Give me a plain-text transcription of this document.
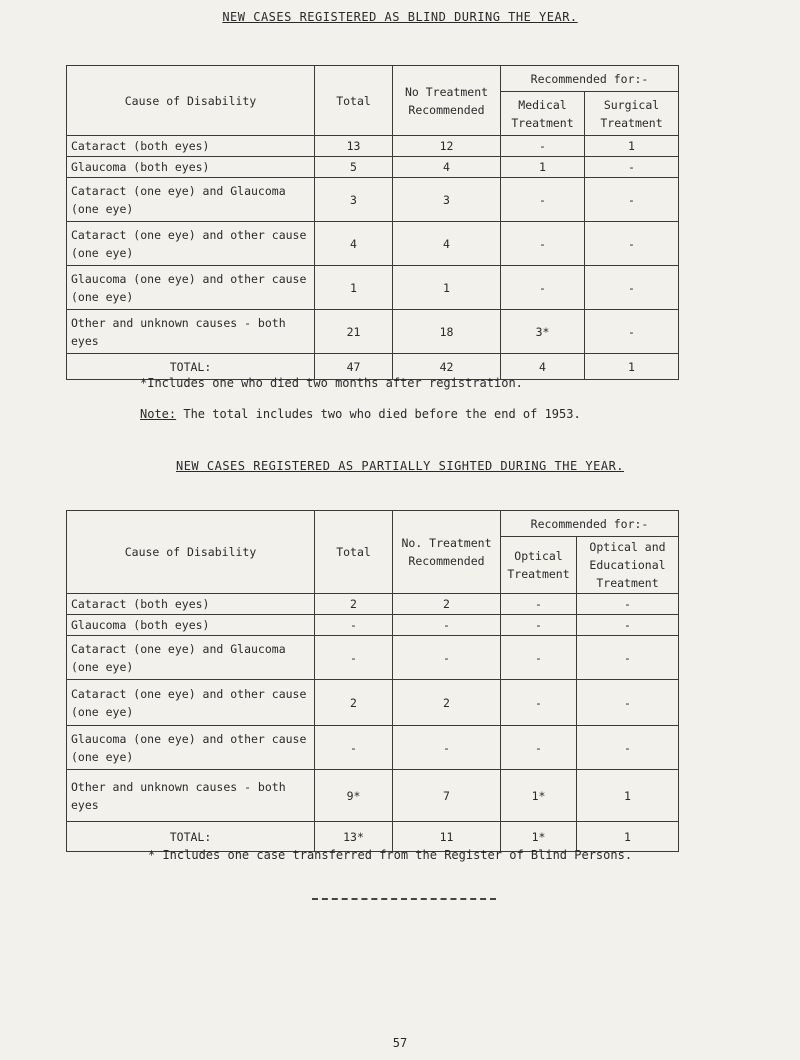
NEW CASES REGISTERED AS BLIND DURING THE YEAR.
Cause of Disability	Total	No Treatment Recommended	Recommended for:-	
			Medical Treatment	Surgical Treatment
Cataract (both eyes)	13	12	-	1
Glaucoma (both eyes)	5	4	1	-
Cataract (one eye) and Glaucoma (one eye)	3	3	-	-
Cataract (one eye) and other cause (one eye)	4	4	-	-
Glaucoma (one eye) and other cause (one eye)	1	1	-	-
Other and unknown causes - both eyes	21	18	3*	-
TOTAL:	47	42	4	1
*Includes one who died two months after registration.
Note: The total includes two who died before the end of 1953.
NEW CASES REGISTERED AS PARTIALLY SIGHTED DURING THE YEAR.
Cause of Disability	Total	No. Treatment Recommended	Recommended for:-	
			Optical Treatment	Optical and Educational Treatment
Cataract (both eyes)	2	2	-	-
Glaucoma (both eyes)	-	-	-	-
Cataract (one eye) and Glaucoma (one eye)	-	-	-	-
Cataract (one eye) and other cause (one eye)	2	2	-	-
Glaucoma (one eye) and other cause (one eye)	-	-	-	-
Other and unknown causes - both eyes	9*	7	1*	1
TOTAL:	13*	11	1*	1
* Includes one case transferred from the Register of Blind Persons.
57
